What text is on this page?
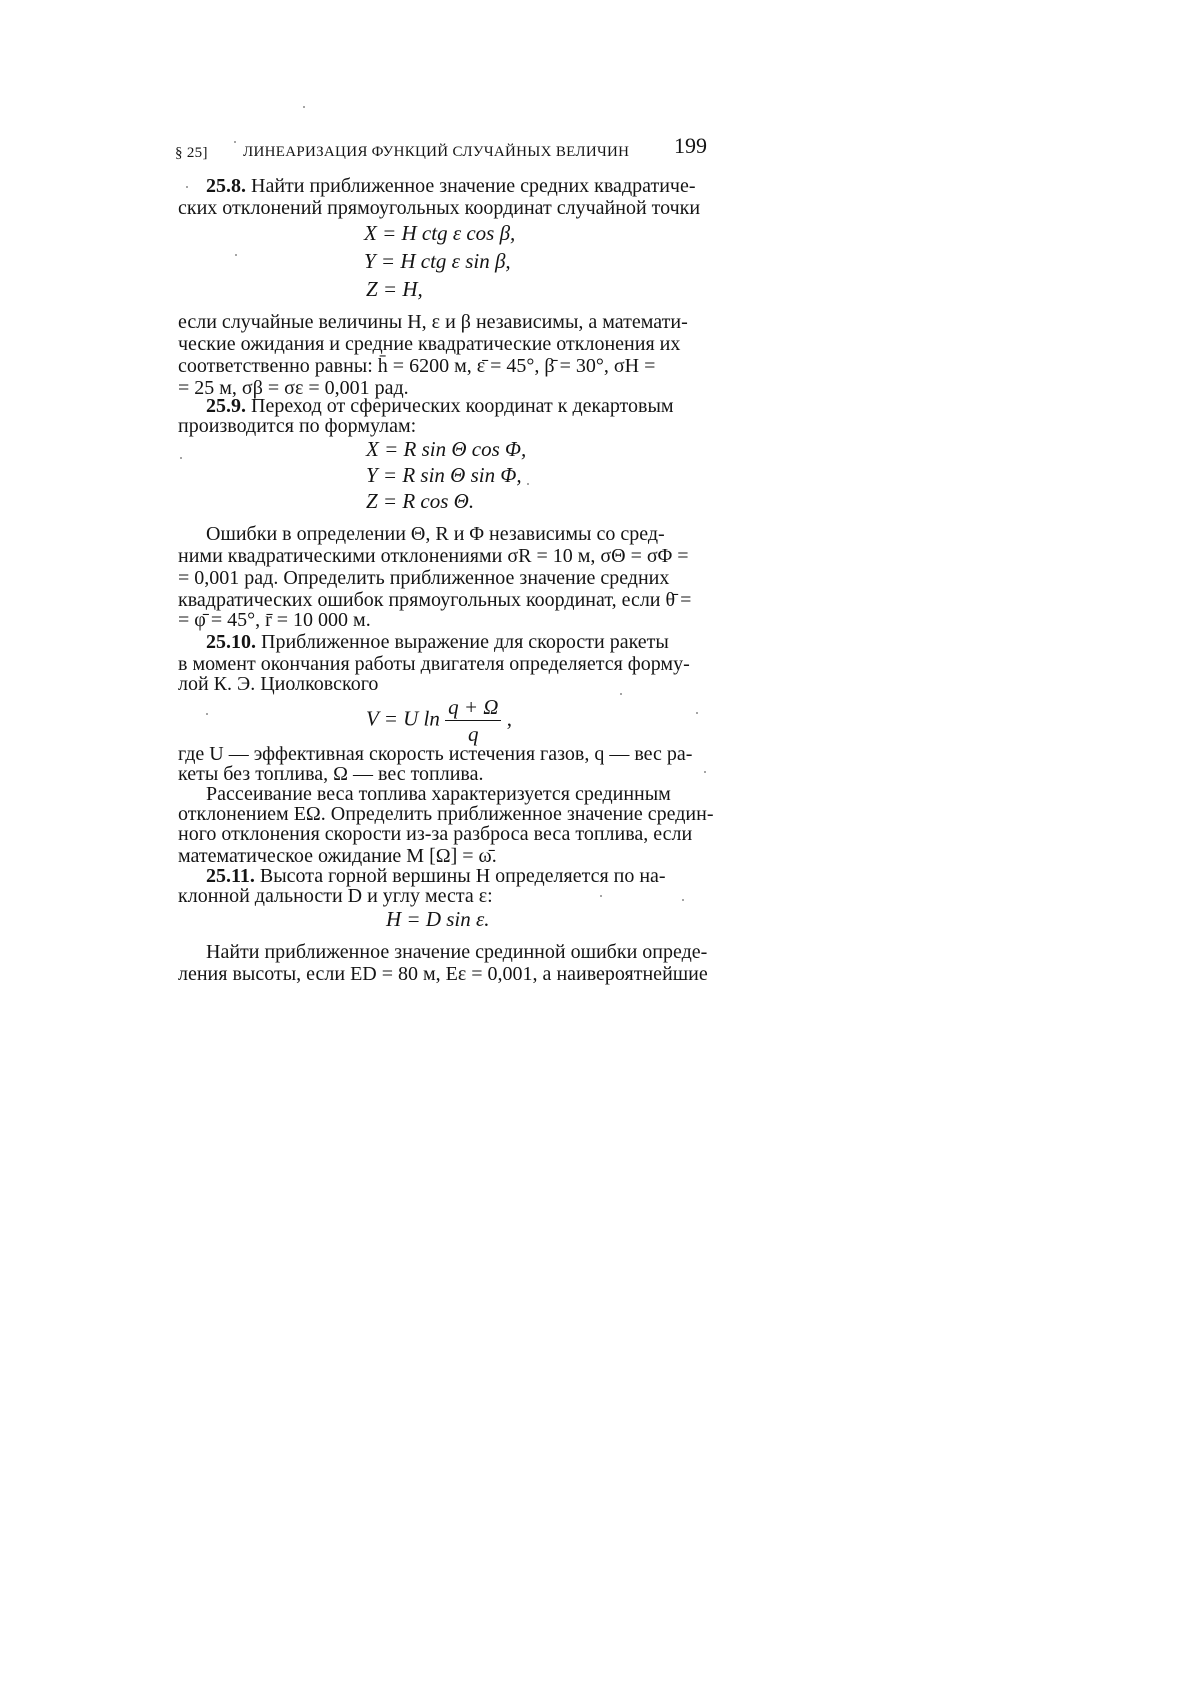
§ 25] ЛИНЕАРИЗАЦИЯ ФУНКЦИЙ СЛУЧАЙНЫХ ВЕЛИЧИН 199
25.8. Найти приближенное значение средних квадратиче-
ских отклонений прямоугольных координат случайной точки
X = H ctg ε cos β,
Y = H ctg ε sin β,
Z = H,
если случайные величины H, ε и β независимы, а математи-
ческие ожидания и средние квадратические отклонения их
соответственно равны: h̄ = 6200 м, ε̄ = 45°, β̄ = 30°, σH =
= 25 м, σβ = σε = 0,001 рад.
25.9. Переход от сферических координат к декартовым
производится по формулам:
X = R sin Θ cos Φ,
Y = R sin Θ sin Φ,
Z = R cos Θ.
Ошибки в определении Θ, R и Φ независимы со сред-
ними квадратическими отклонениями σR = 10 м, σΘ = σΦ =
= 0,001 рад. Определить приближенное значение средних
квадратических ошибок прямоугольных координат, если θ̄ =
= φ̄ = 45°, r̄ = 10 000 м.
25.10. Приближенное выражение для скорости ракеты
в момент окончания работы двигателя определяется форму-
лой К. Э. Циолковского
V = U $\ln \frac{q + \Omega}{q}$ ,
где U — эффективная скорость истечения газов, q — вес ра-
кеты без топлива, Ω — вес топлива.
Рассеивание веса топлива характеризуется срединным
отклонением EΩ. Определить приближенное значение средин-
ного отклонения скорости из-за разброса веса топлива, если
математическое ожидание M [Ω] = ω̄.
25.11. Высота горной вершины H определяется по на-
клонной дальности D и углу места ε:
H = D sin ε.
Найти приближенное значение срединной ошибки опреде-
ления высоты, если ED = 80 м, Eε = 0,001, а наивероятнейшие
